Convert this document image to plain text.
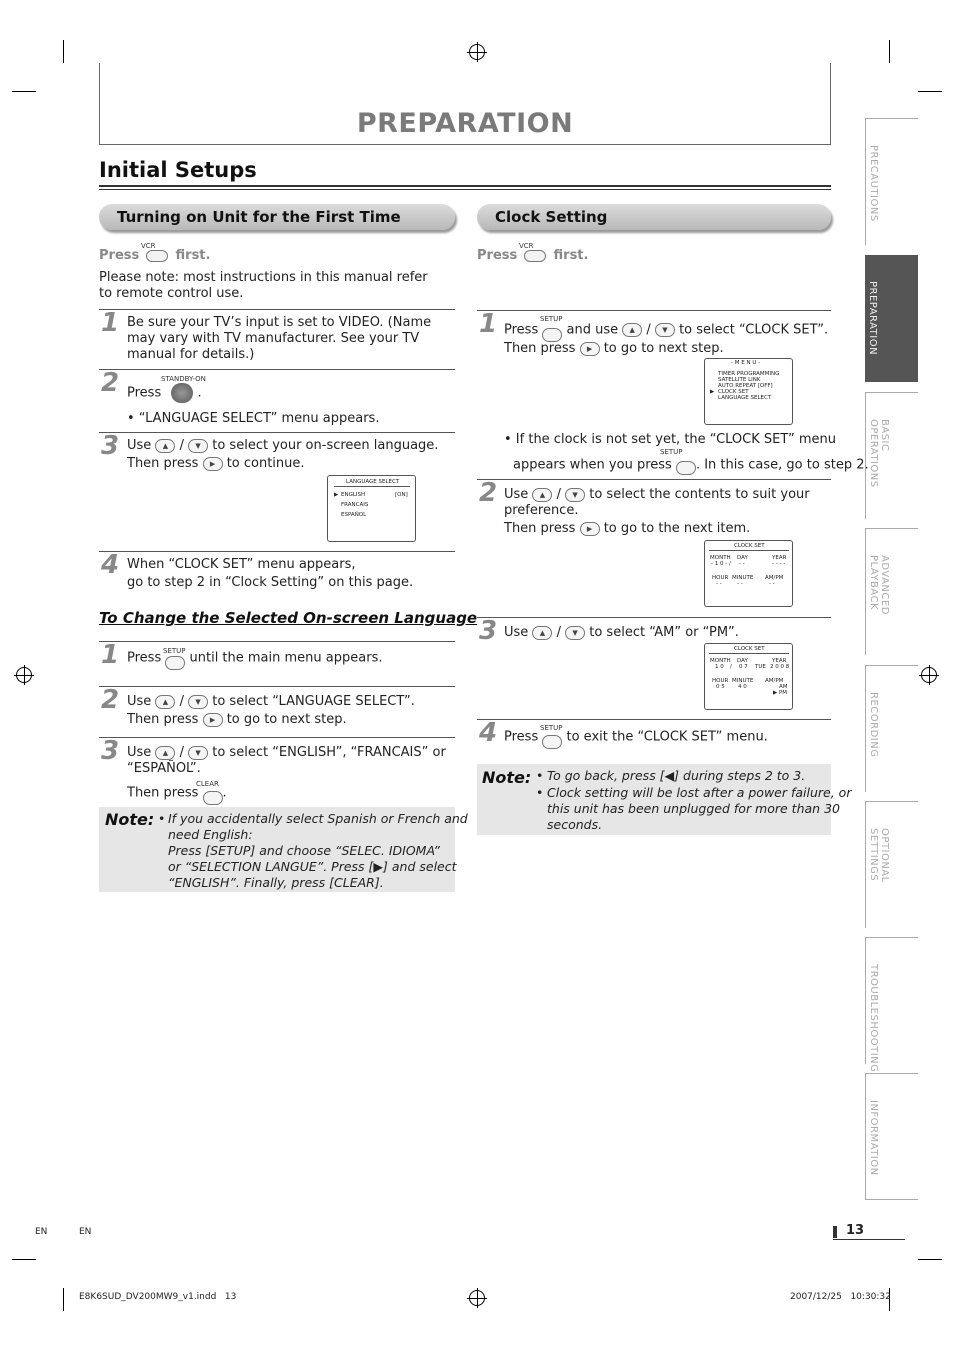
PREPARATION
Initial Setups
Turning on Unit for the First Time
VCR
Press	first.
Please note: most instructions in this manual refer to remote control use.
1 Be sure your TV’s input is set to VIDEO. (Name may vary with TV manufacturer. See your TV manual for details.)
2	STANDBY-ON
Press	.
• “LANGUAGE SELECT” menu appears.
3 Use ▲ / ▼ to select your on-screen language.
Then press ▶ to continue.
LANGUAGE SELECT
▶ ENGLISH	[ON]
FRANCAIS
ESPAÑOL
4 When “CLOCK SET” menu appears,
go to step 2 in “Clock Setting” on this page.
To Change the Selected On-screen Language
1	SETUP
Press until the main menu appears.
2 Use ▲ / ▼ to select “LANGUAGE SELECT”.
Then press ▶ to go to next step.
3 Use ▲ / ▼ to select “ENGLISH”, “FRANCAIS” or
“ESPAÑOL”.
CLEAR
Then press .
Note: • If you accidentally select Spanish or French and
need English:
Press [SETUP] and choose “SELEC. IDIOMA”
or “SELECTION LANGUE”. Press [▶] and select
“ENGLISH”. Finally, press [CLEAR].
Clock Setting
VCR
Press	first.
1	SETUP
Press and use ▲ / ▼ to select “CLOCK SET”.
Then press ▶ to go to next step.
- M E N U -
TIMER PROGRAMMING
SATELLITE LINK
AUTO REPEAT [OFF]
▶ CLOCK SET
LANGUAGE SELECT
• If the clock is not set yet, the “CLOCK SET” menu
SETUP
appears when you press . In this case, go to step 2.
2 Use ▲ / ▼ to select the contents to suit your
preference.
Then press ▶ to go to the next item.
CLOCK SET
MONTH DAY	YEAR
- 1 0 - / - -	- - - -
HOUR MINUTE AM/PM
- -	- -	- -
3 Use ▲ / ▼ to select “AM” or “PM”.
CLOCK SET
MONTH DAY	YEAR
1 0 / 0 7 TUE 2 0 0 8
HOUR MINUTE AM/PM
0 5 4 0	AM
▶ PM
4	SETUP
Press to exit the “CLOCK SET” menu.
Note: • To go back, press [◀] during steps 2 to 3.
• Clock setting will be lost after a power failure, or
this unit has been unplugged for more than 30
seconds.
PRECAUTIONS
PREPARATION
BASIC OPERATIONS
ADVANCED PLAYBACK
RECORDING
OPTIONAL SETTINGS
TROUBLESHOOTING
INFORMATION
EN	EN	13
E8K6SUD_DV200MW9_v1.indd   13	2007/12/25   10:30:32
